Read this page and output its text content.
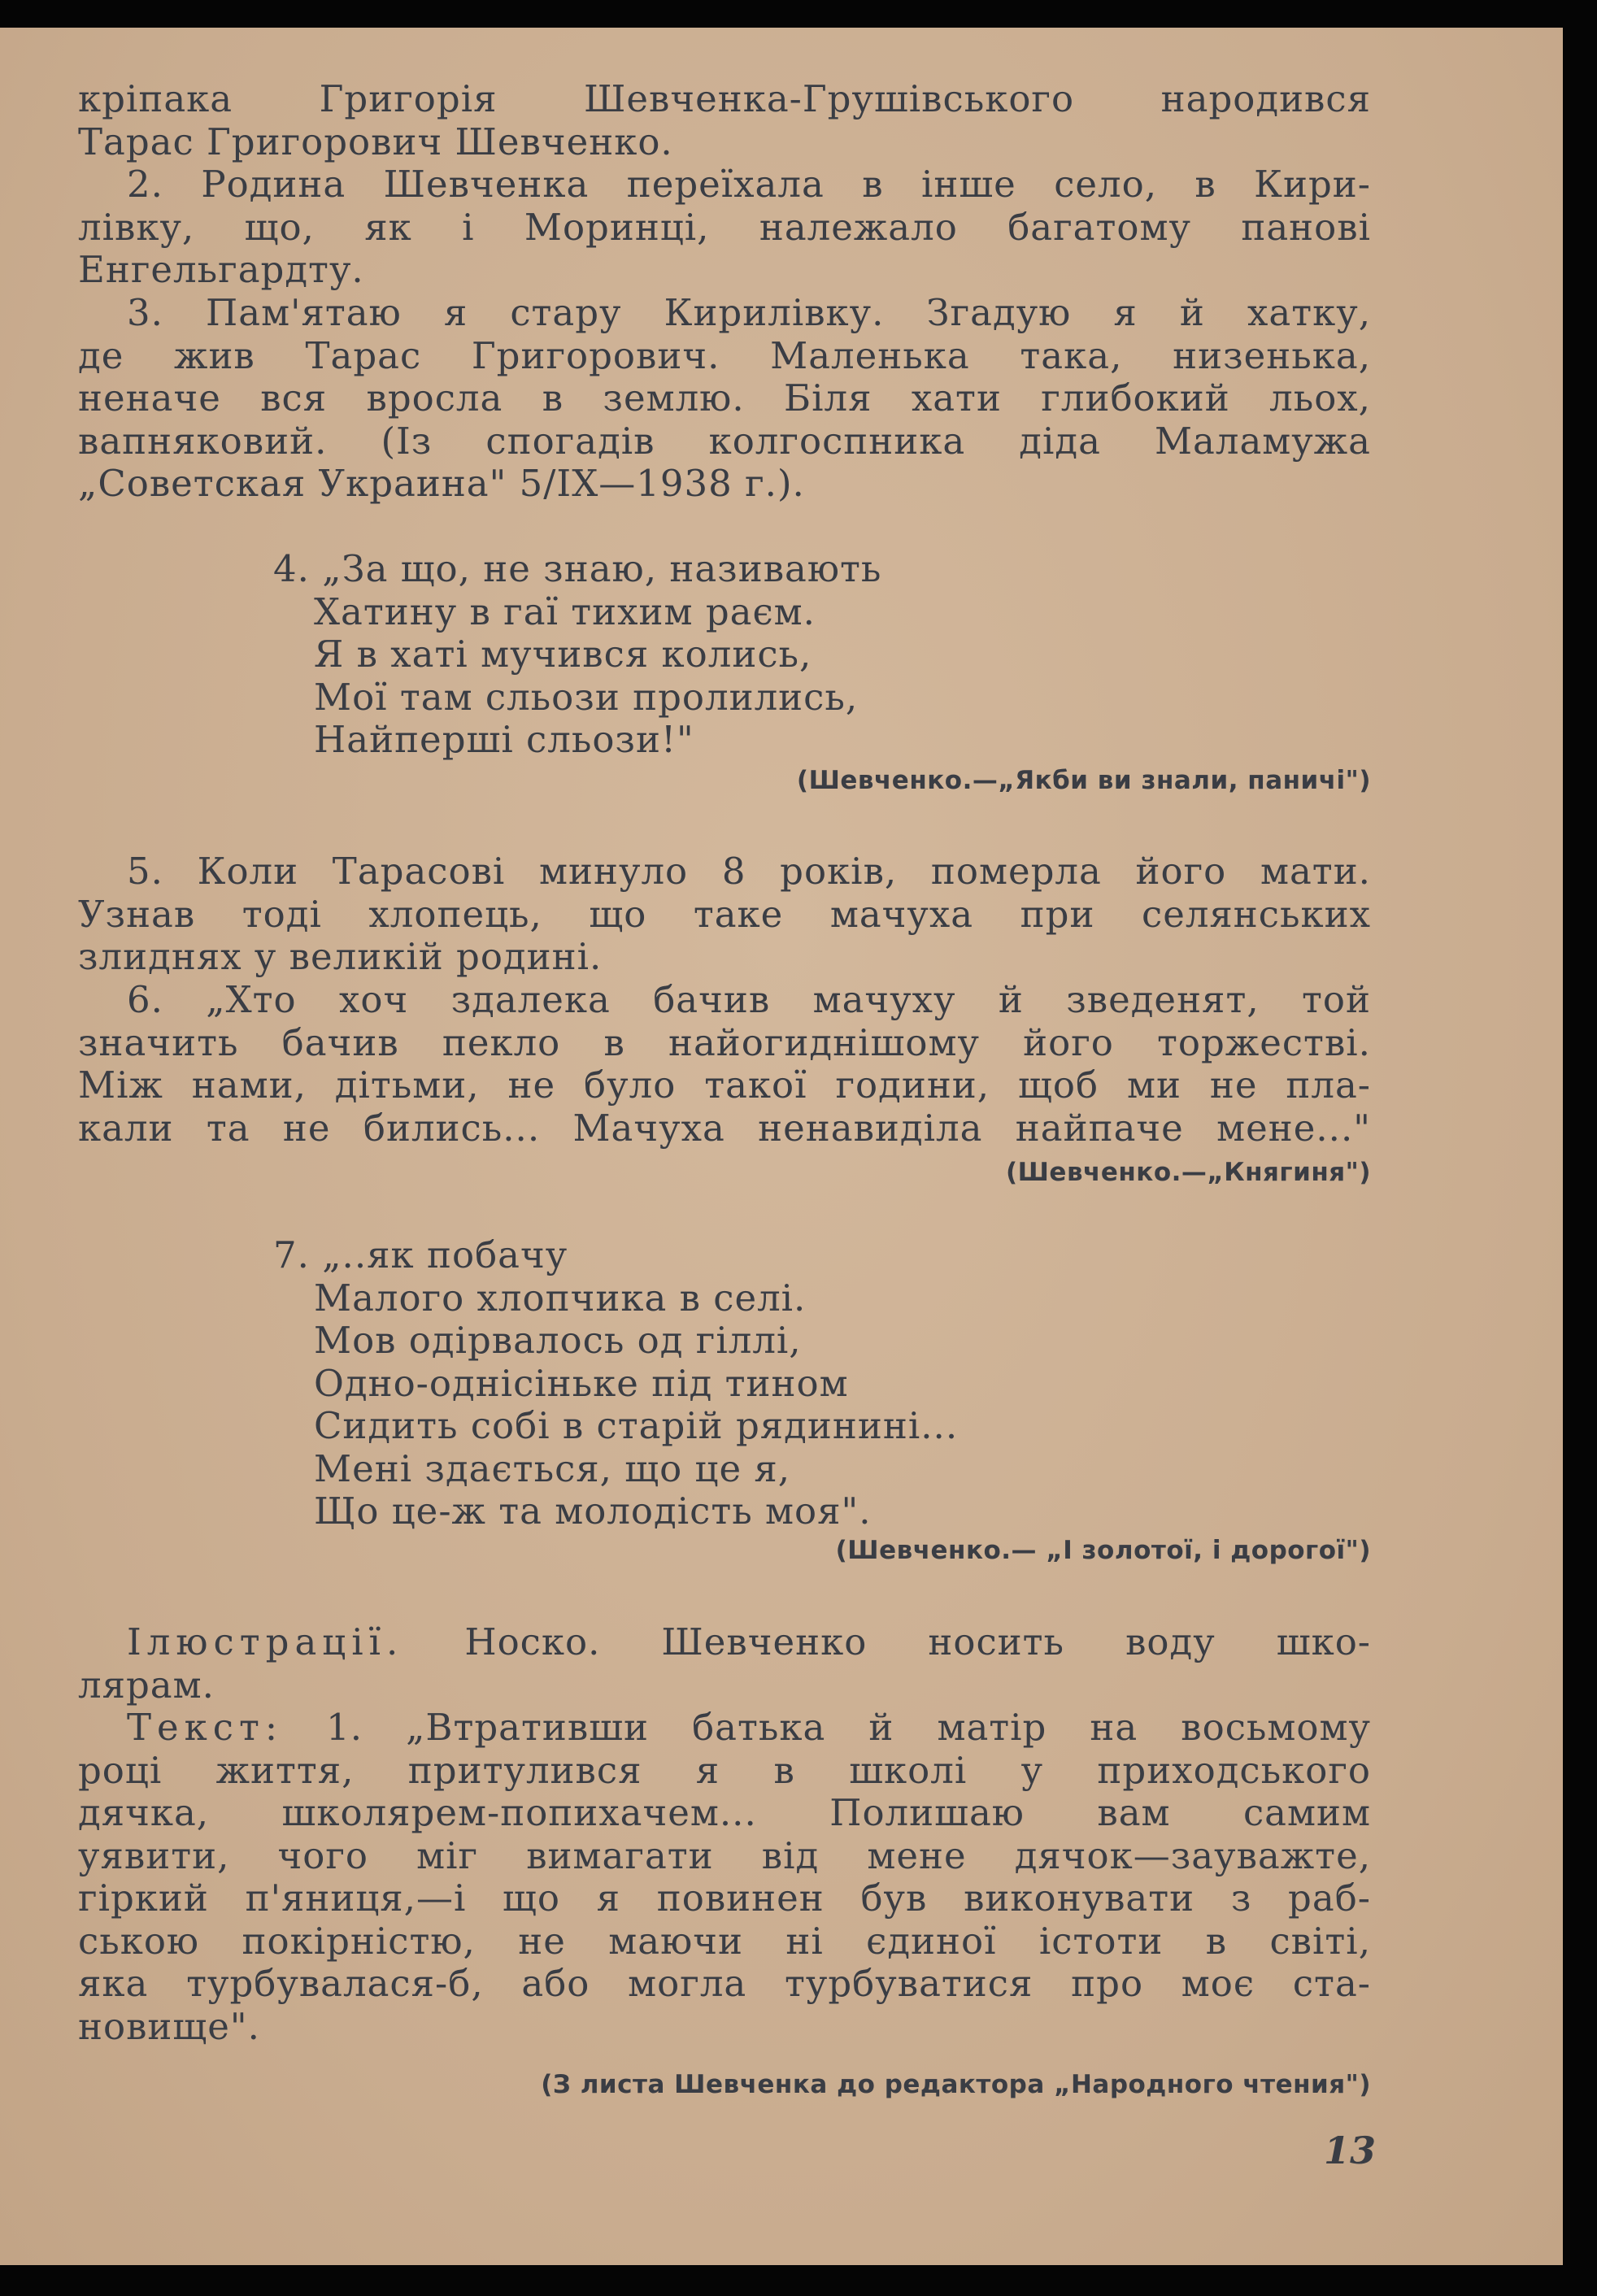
кріпака Григорія Шевченка-Грушівського народився
Тарас Григорович Шевченко.
2. Родина Шевченка переїхала в інше село, в Кири-
лівку, що, як і Моринці, належало багатому панові
Енгельгардту.
3. Пам'ятаю я стару Кирилівку. Згадую я й хатку,
де жив Тарас Григорович. Маленька така, низенька,
неначе вся вросла в землю. Біля хати глибокий льох,
вапняковий. (Із спогадів колгоспника діда Маламужа
„Советская Украина" 5/ІХ—1938 г.).
4. „За що, не знаю, називають
Хатину в гаї тихим раєм.
Я в хаті мучився колись,
Мої там сльози пролились,
Найперші сльози!"
(Шевченко.—„Якби ви знали, паничі")
5. Коли Тарасові минуло 8 років, померла його мати.
Узнав тоді хлопець, що таке мачуха при селянських
злиднях у великій родині.
6. „Хто хоч здалека бачив мачуху й зведенят, той
значить бачив пекло в найогиднішому його торжестві.
Між нами, дітьми, не було такої години, щоб ми не пла-
кали та не бились... Мачуха ненавиділа найпаче мене..."
(Шевченко.—„Княгиня")
7. „..як побачу
Малого хлопчика в селі.
Мов одірвалось од гіллі,
Одно-однісіньке під тином
Сидить собі в старій рядинині...
Мені здається, що це я,
Що це-ж та молодість моя".
(Шевченко.— „І золотої, і дорогої")
Ілюстрації. Носко. Шевченко носить воду шко-
лярам.
Текст: 1. „Втративши батька й матір на восьмому
році життя, притулився я в школі у приходського
дячка, школярем-попихачем... Полишаю вам самим
уявити, чого міг вимагати від мене дячок—зауважте,
гіркий п'яниця,—і що я повинен був виконувати з раб-
ською покірністю, не маючи ні єдиної істоти в світі,
яка турбувалася-б, або могла турбуватися про моє ста-
новище".
(З листа Шевченка до редактора „Народного чтения")
13
